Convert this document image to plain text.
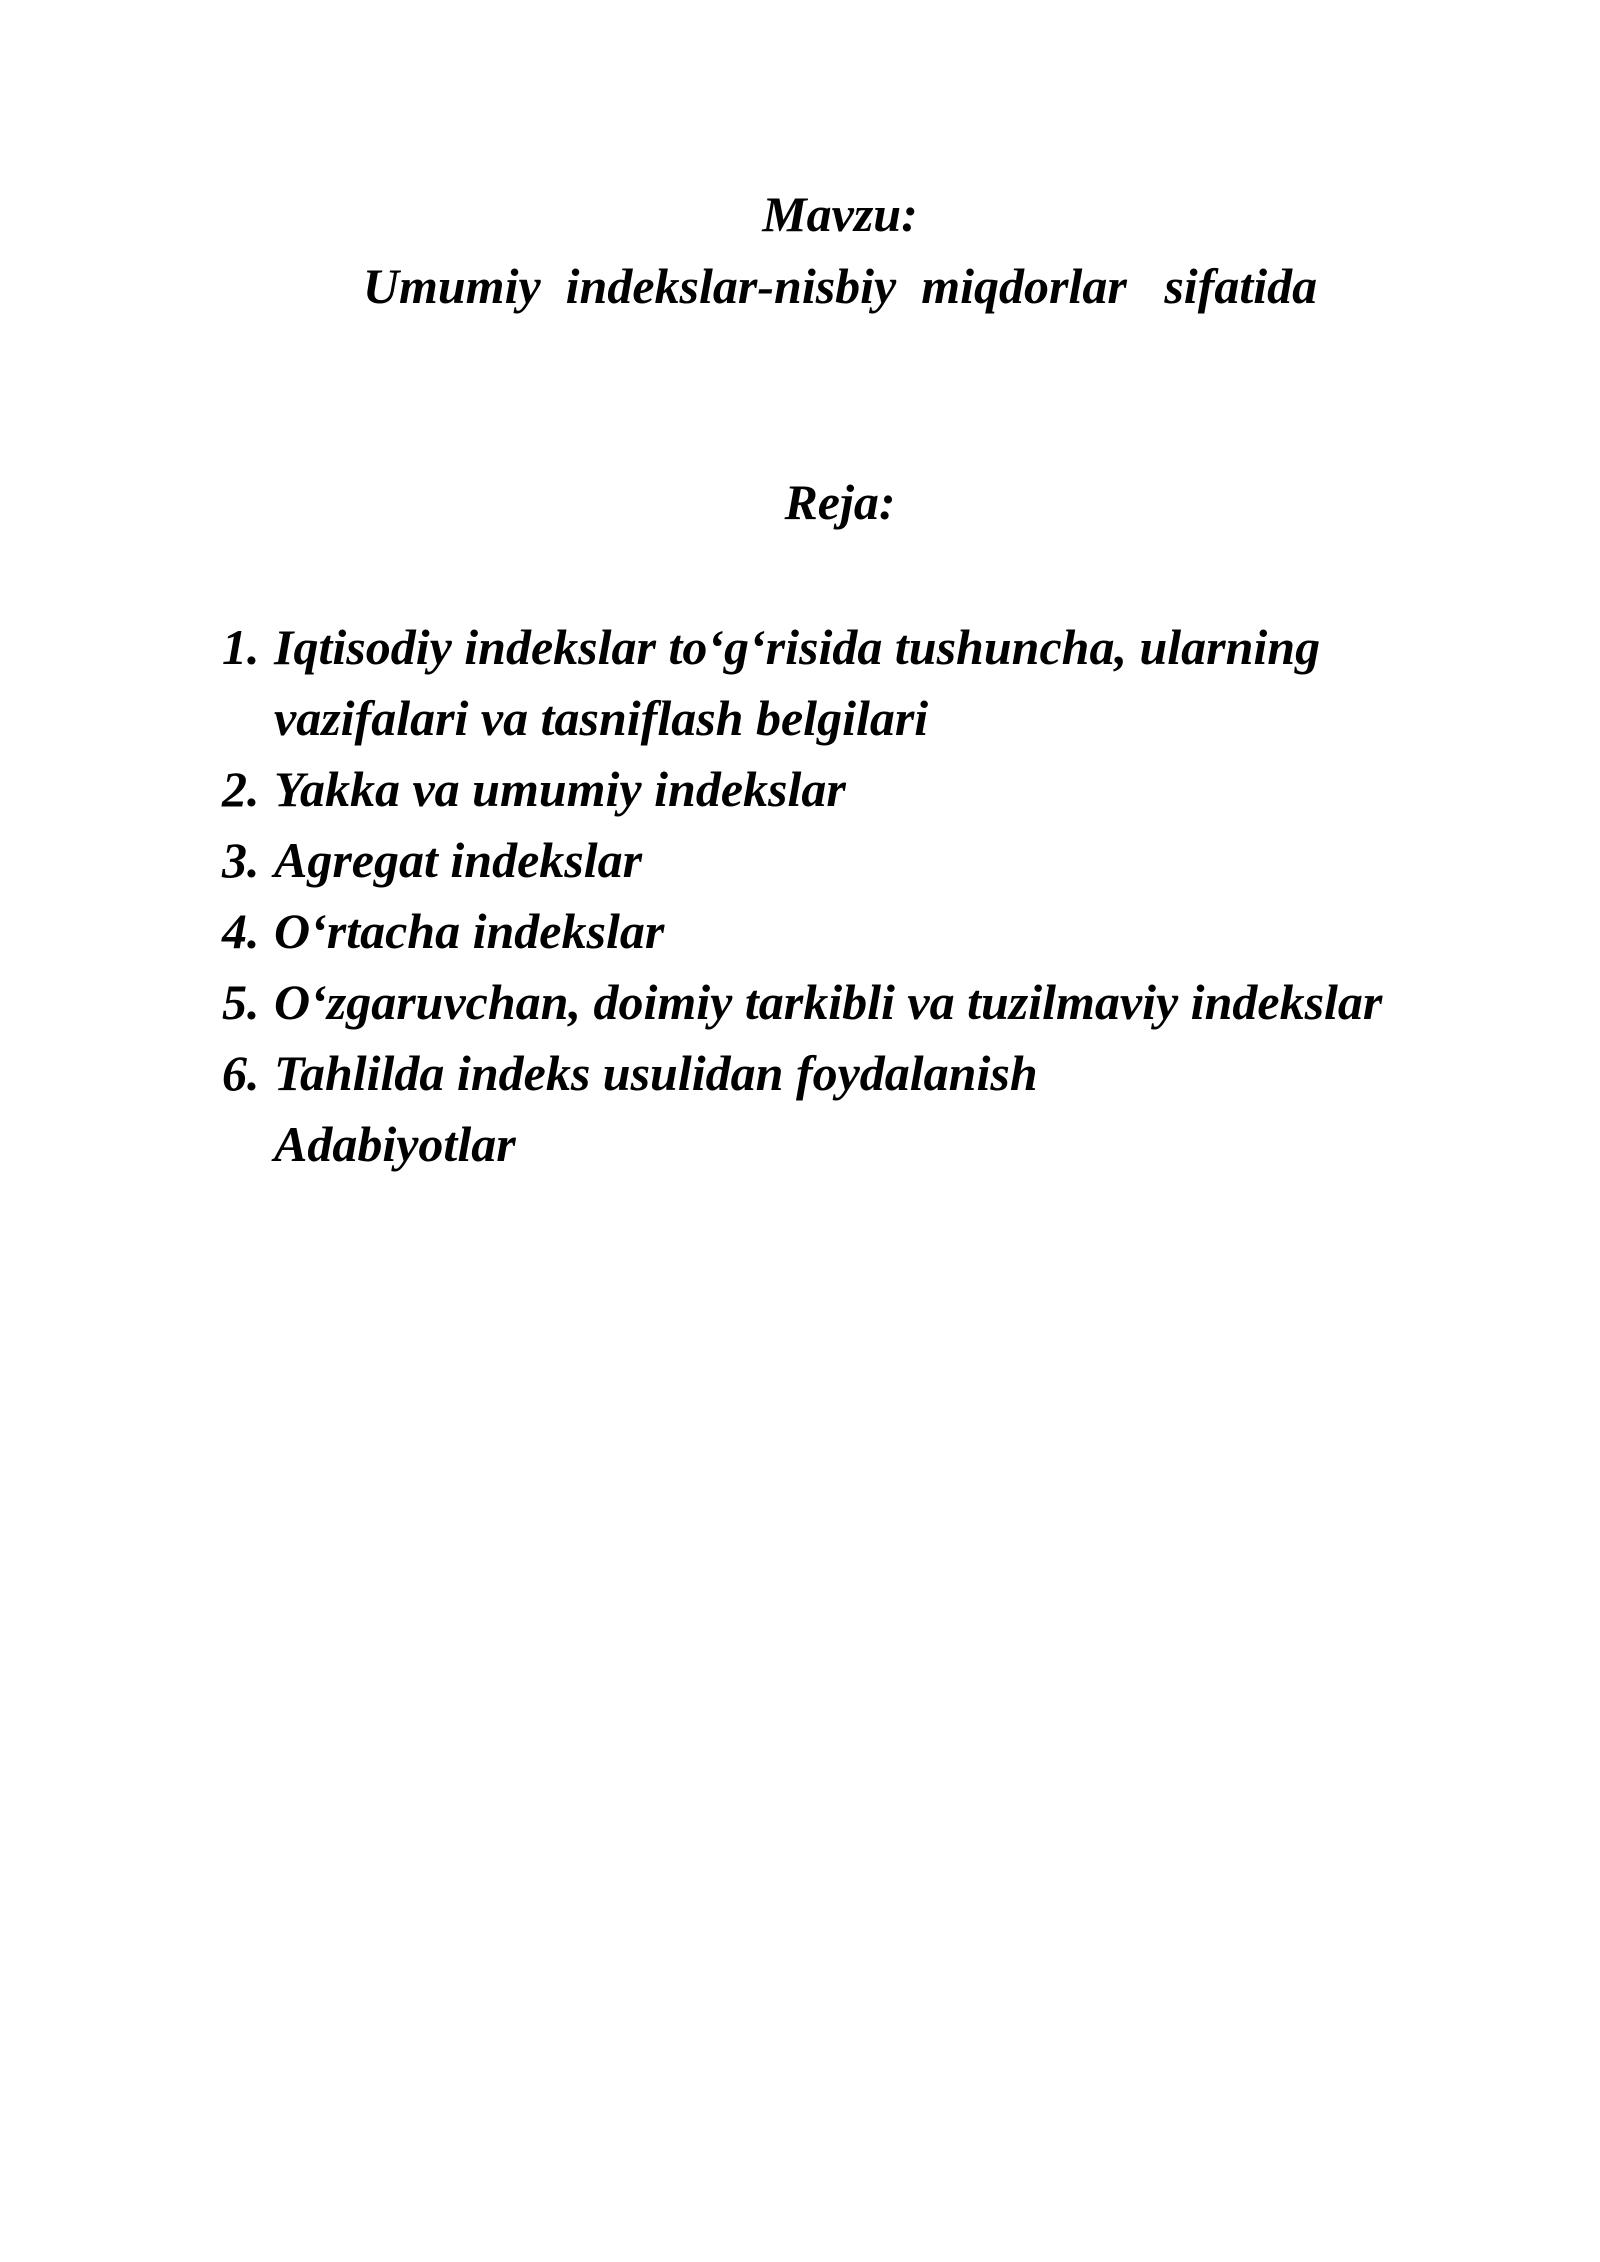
Mavzu:
Umumiy  indekslar-nisbiy  miqdorlar   sifatida
Reja:
1. Iqtisodiy indekslar to‘g‘risida tushuncha, ularning vazifalari va tasniflash belgilari
2. Yakka va umumiy indekslar
3. Agregat indekslar
4. O‘rtacha indekslar
5. O‘zgaruvchan, doimiy tarkibli va tuzilmaviy indekslar
6. Tahlilda indeks usulidan foydalanish
Adabiyotlar
